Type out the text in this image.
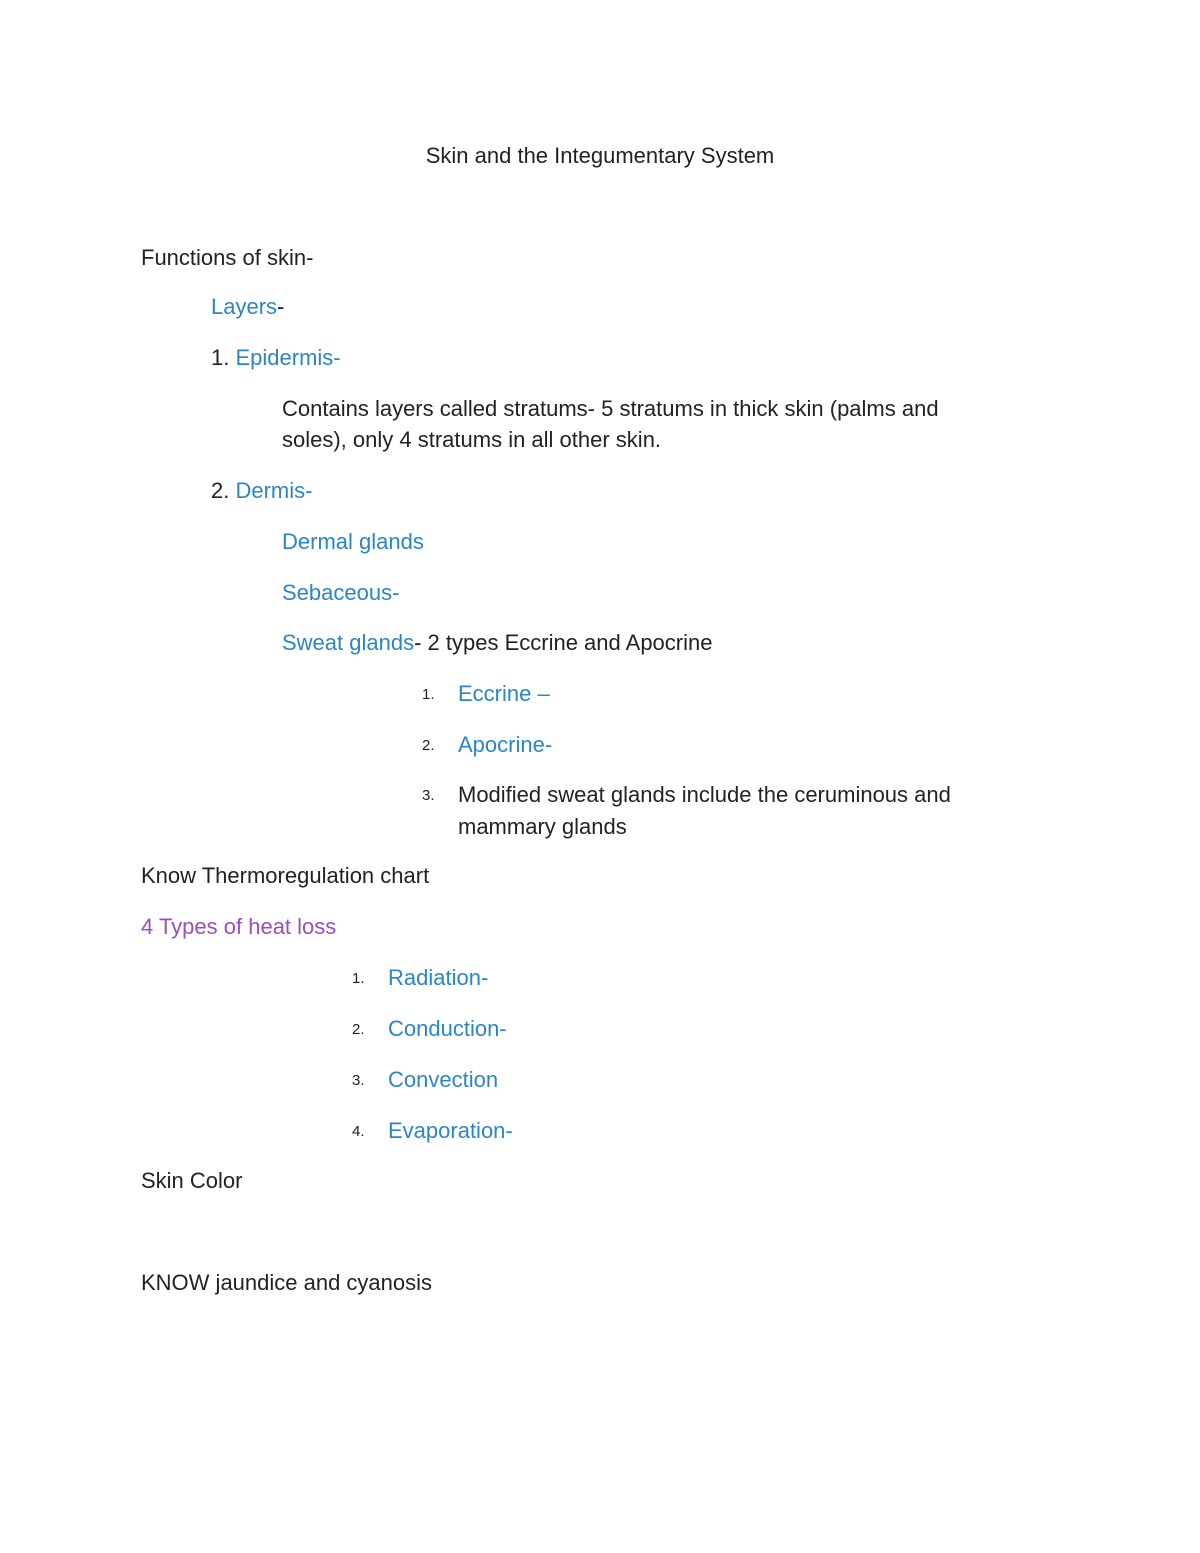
Skin and the Integumentary System
Functions of skin-
Layers-
1. Epidermis-
Contains layers called stratums- 5 stratums in thick skin (palms and
soles), only 4 stratums in all other skin.
2. Dermis-
Dermal glands
Sebaceous-
Sweat glands- 2 types Eccrine and Apocrine
1. Eccrine –
2. Apocrine-
3. Modified sweat glands include the ceruminous and
mammary glands
Know Thermoregulation chart
4 Types of heat loss
1. Radiation-
2. Conduction-
3. Convection
4. Evaporation-
Skin Color
KNOW jaundice and cyanosis
